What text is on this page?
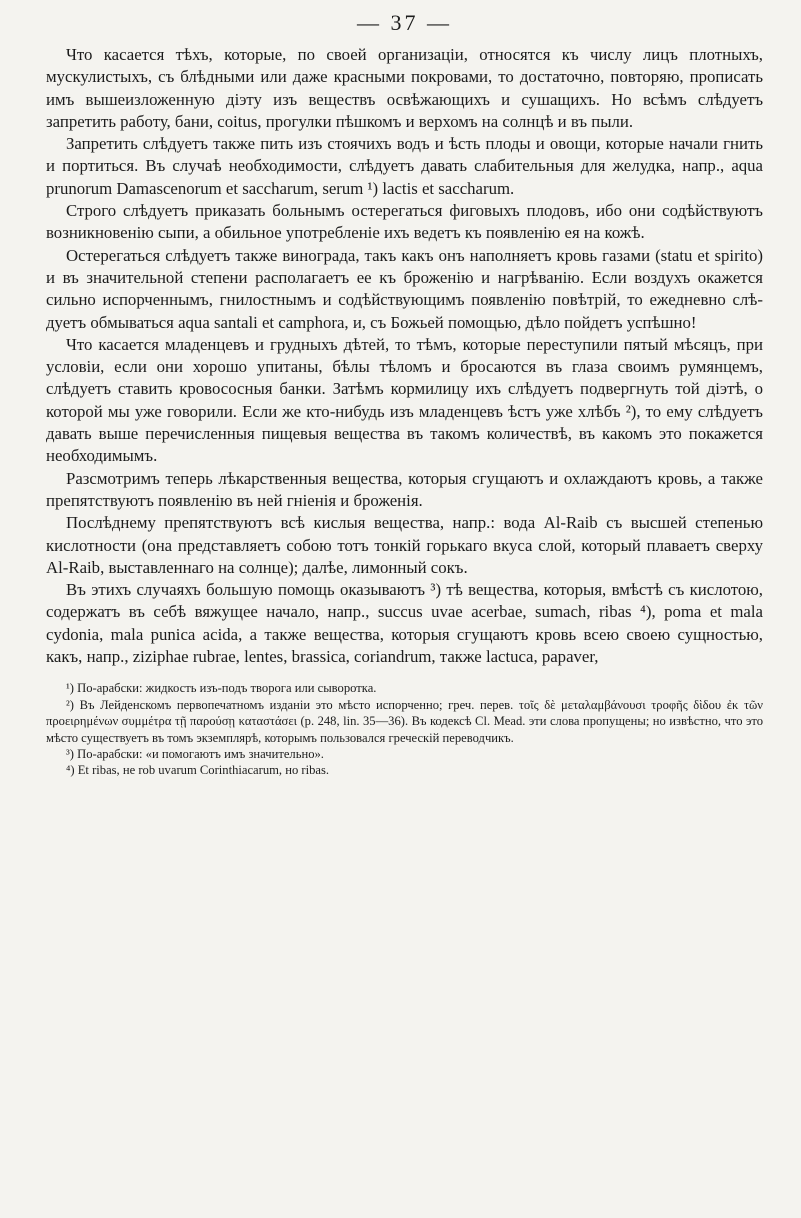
— 37 —

Что касается тѣхъ, которые, по своей организацiи, относятся къ числу лицъ плотныхъ, мускулистыхъ, съ блѣдными или даже красными покровами, то достаточно, повторяю, прописать имъ вышеизложенную дiэту изъ веществъ освѣжающихъ и сушащихъ. Но всѣмъ слѣдуетъ запретить работу, бани, coitus, прогулки пѣшкомъ и верхомъ на солнцѣ и въ пыли.

Запретить слѣдуетъ также пить изъ стоячихъ водъ и ѣсть плоды и овощи, которые начали гнить и портиться. Въ случаѣ необходимости, слѣдуетъ давать слабительныя для желудка, напр., aqua prunorum Damascenorum et saccharum, serum ¹) lactis et saccharum.

Строго слѣдуетъ приказать больнымъ остерегаться фиговыхъ плодовъ, ибо они содѣйствуютъ возникновенiю сыпи, а обильное употребленiе ихъ ведетъ къ появленiю ея на кожѣ.

Остерегаться слѣдуетъ также винограда, такъ какъ онъ наполняетъ кровь газами (statu et spirito) и въ значительной степени располагаетъ ее къ броженiю и нагрѣванiю. Если воздухъ окажется сильно испорченнымъ, гнилостнымъ и содѣйствующимъ появленiю повѣтрiй, то ежедневно слѣдуетъ обмываться aqua santali et camphora, и, съ Божьей помощью, дѣло пойдетъ успѣшно!

Что касается младенцевъ и грудныхъ дѣтей, то тѣмъ, которые переступили пятый мѣсяцъ, при условiи, если они хорошо упитаны, бѣлы тѣломъ и бросаются въ глаза своимъ румянцемъ, слѣдуетъ ставить кровососныя банки. Затѣмъ кормилицу ихъ слѣдуетъ подвергнуть той дiэтѣ, о которой мы уже говорили. Если же кто-нибудь изъ младенцевъ ѣстъ уже хлѣбъ ²), то ему слѣдуетъ давать выше перечисленныя пищевыя вещества въ такомъ количествѣ, въ какомъ это покажется необходимымъ.

Разсмотримъ теперь лѣкарственныя вещества, которыя сгущаютъ и охлаждаютъ кровь, а также препятствуютъ появленiю въ ней гнiенiя и броженiя.

Послѣднему препятствуютъ всѣ кислыя вещества, напр.: вода Al-Raib съ высшей степенью кислотности (она представляетъ собою тотъ тонкiй горькаго вкуса слой, который плаваетъ сверху Al-Raib, выставленнаго на солнце); далѣе, лимонный сокъ.

Въ этихъ случаяхъ большую помощь оказываютъ ³) тѣ вещества, которыя, вмѣстѣ съ кислотою, содержатъ въ себѣ вяжущее начало, напр., succus uvae acerbae, sumach, ribas ⁴), poma et mala cydonia, mala punica acida, а также вещества, которыя сгущаютъ кровь всею своею сущностью, какъ, напр., ziziphae rubrae, lentes, brassica, coriandrum, также lactuca, papaver,

¹) По-арабски: жидкость изъ-подъ творога или сыворотка.

²) Въ Лейденскомъ первопечатномъ изданiи это мѣсто испорченно; греч. перев. τοῖς δὲ μεταλαμβάνουσι τροφῆς δὶδου ἐκ τῶν προειρημένων συμμέτρα τῇ παρούσῃ καταστάσει (p. 248, lin. 35—36). Въ кодексѣ Cl. Mead. эти слова пропущены; но извѣстно, что это мѣсто существуетъ въ томъ экземплярѣ, которымъ пользовался греческiй переводчикъ.

³) По-арабски: «и помогаютъ имъ значительно».

⁴) Et ribas, не rob uvarum Corinthiacarum, но ribas.
